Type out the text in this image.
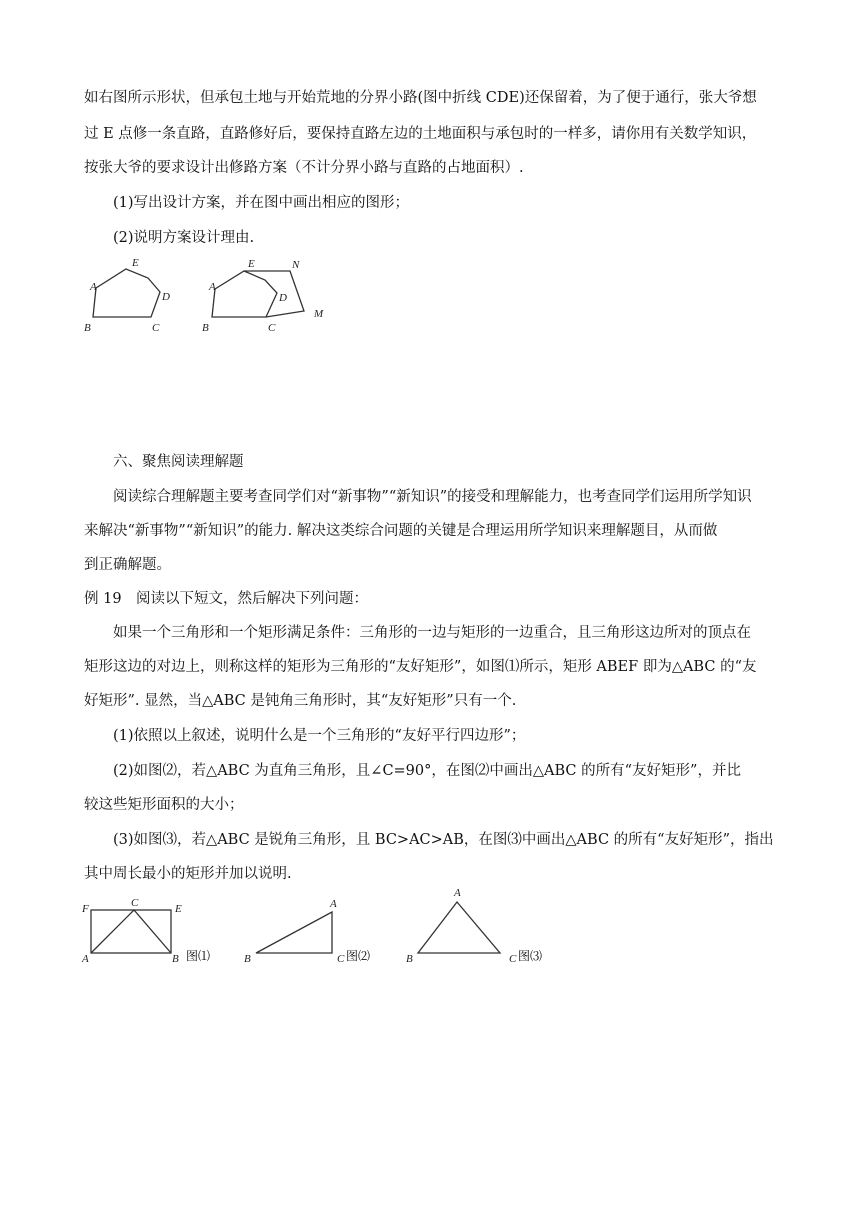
如右图所示形状，但承包土地与开始荒地的分界小路(图中折线 CDE)还保留着，为了便于通行，张大爷想
过 E 点修一条直路，直路修好后，要保持直路左边的土地面积与承包时的一样多，请你用有关数学知识，
按张大爷的要求设计出修路方案（不计分界小路与直路的占地面积）.
(1)写出设计方案，并在图中画出相应的图形；
(2)说明方案设计理由.
B	C
D
E
A
B	C
D
E	N
M
A
六、聚焦阅读理解题
阅读综合理解题主要考查同学们对“新事物”“新知识”的接受和理解能力，也考查同学们运用所学知识
来解决“新事物”“新知识”的能力. 解决这类综合问题的关键是合理运用所学知识来理解题目，从而做
到正确解题。
例 19　阅读以下短文，然后解决下列问题：
如果一个三角形和一个矩形满足条件：三角形的一边与矩形的一边重合，且三角形这边所对的顶点在
矩形这边的对边上，则称这样的矩形为三角形的“友好矩形”，如图⑴所示，矩形 ABEF 即为△ABC 的“友
好矩形”. 显然，当△ABC 是钝角三角形时，其“友好矩形”只有一个.
(1)依照以上叙述，说明什么是一个三角形的“友好平行四边形”；
(2)如图⑵，若△ABC 为直角三角形，且∠C=90°，在图⑵中画出△ABC 的所有“友好矩形”，并比
较这些矩形面积的大小；
(3)如图⑶，若△ABC 是锐角三角形，且 BC>AC>AB，在图⑶中画出△ABC 的所有“友好矩形”，指出
其中周长最小的矩形并加以说明.
F	C	E
A	B 图⑴	B	C
A
图⑵	B	C
A
图⑶
